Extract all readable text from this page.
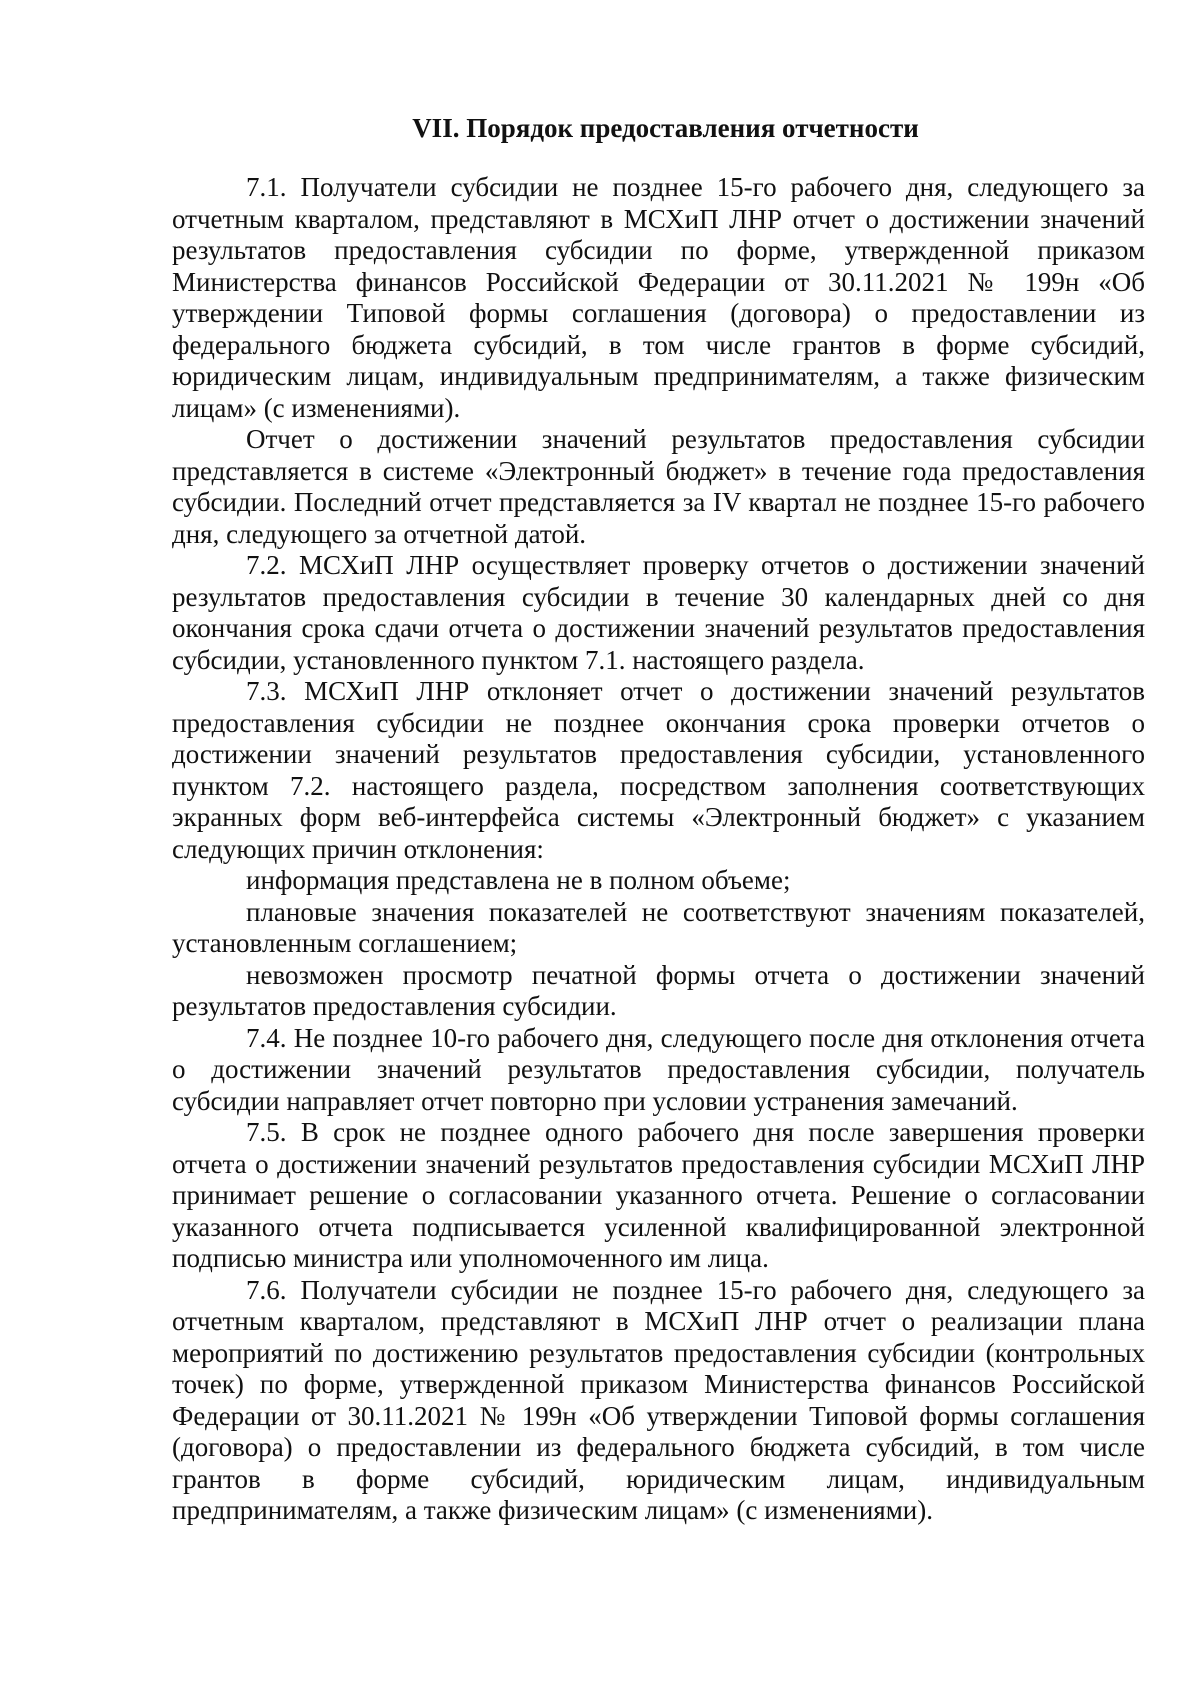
VII. Порядок предоставления отчетности

7.1. Получатели субсидии не позднее 15-го рабочего дня, следующего за отчетным кварталом, представляют в МСХиП ЛНР отчет о достижении значений результатов предоставления субсидии по форме, утвержденной приказом Министерства финансов Российской Федерации от 30.11.2021 № 199н «Об утверждении Типовой формы соглашения (договора) о предоставлении из федерального бюджета субсидий, в том числе грантов в форме субсидий, юридическим лицам, индивидуальным предпринимателям, а также физическим лицам» (с изменениями).

Отчет о достижении значений результатов предоставления субсидии представляется в системе «Электронный бюджет» в течение года предоставления субсидии. Последний отчет представляется за IV квартал не позднее 15-го рабочего дня, следующего за отчетной датой.

7.2. МСХиП ЛНР осуществляет проверку отчетов о достижении значений результатов предоставления субсидии в течение 30 календарных дней со дня окончания срока сдачи отчета о достижении значений результатов предоставления субсидии, установленного пунктом 7.1. настоящего раздела.

7.3. МСХиП ЛНР отклоняет отчет о достижении значений результатов предоставления субсидии не позднее окончания срока проверки отчетов о достижении значений результатов предоставления субсидии, установленного пунктом 7.2. настоящего раздела, посредством заполнения соответствующих экранных форм веб-интерфейса системы «Электронный бюджет» с указанием следующих причин отклонения:

информация представлена не в полном объеме;

плановые значения показателей не соответствуют значениям показателей, установленным соглашением;

невозможен просмотр печатной формы отчета о достижении значений результатов предоставления субсидии.

7.4. Не позднее 10-го рабочего дня, следующего после дня отклонения отчета о достижении значений результатов предоставления субсидии, получатель субсидии направляет отчет повторно при условии устранения замечаний.

7.5. В срок не позднее одного рабочего дня после завершения проверки отчета о достижении значений результатов предоставления субсидии МСХиП ЛНР принимает решение о согласовании указанного отчета. Решение о согласовании указанного отчета подписывается усиленной квалифицированной электронной подписью министра или уполномоченного им лица.

7.6. Получатели субсидии не позднее 15-го рабочего дня, следующего за отчетным кварталом, представляют в МСХиП ЛНР отчет о реализации плана мероприятий по достижению результатов предоставления субсидии (контрольных точек) по форме, утвержденной приказом Министерства финансов Российской Федерации от 30.11.2021 № 199н «Об утверждении Типовой формы соглашения (договора) о предоставлении из федерального бюджета субсидий, в том числе грантов в форме субсидий, юридическим лицам, индивидуальным предпринимателям, а также физическим лицам» (с изменениями).
